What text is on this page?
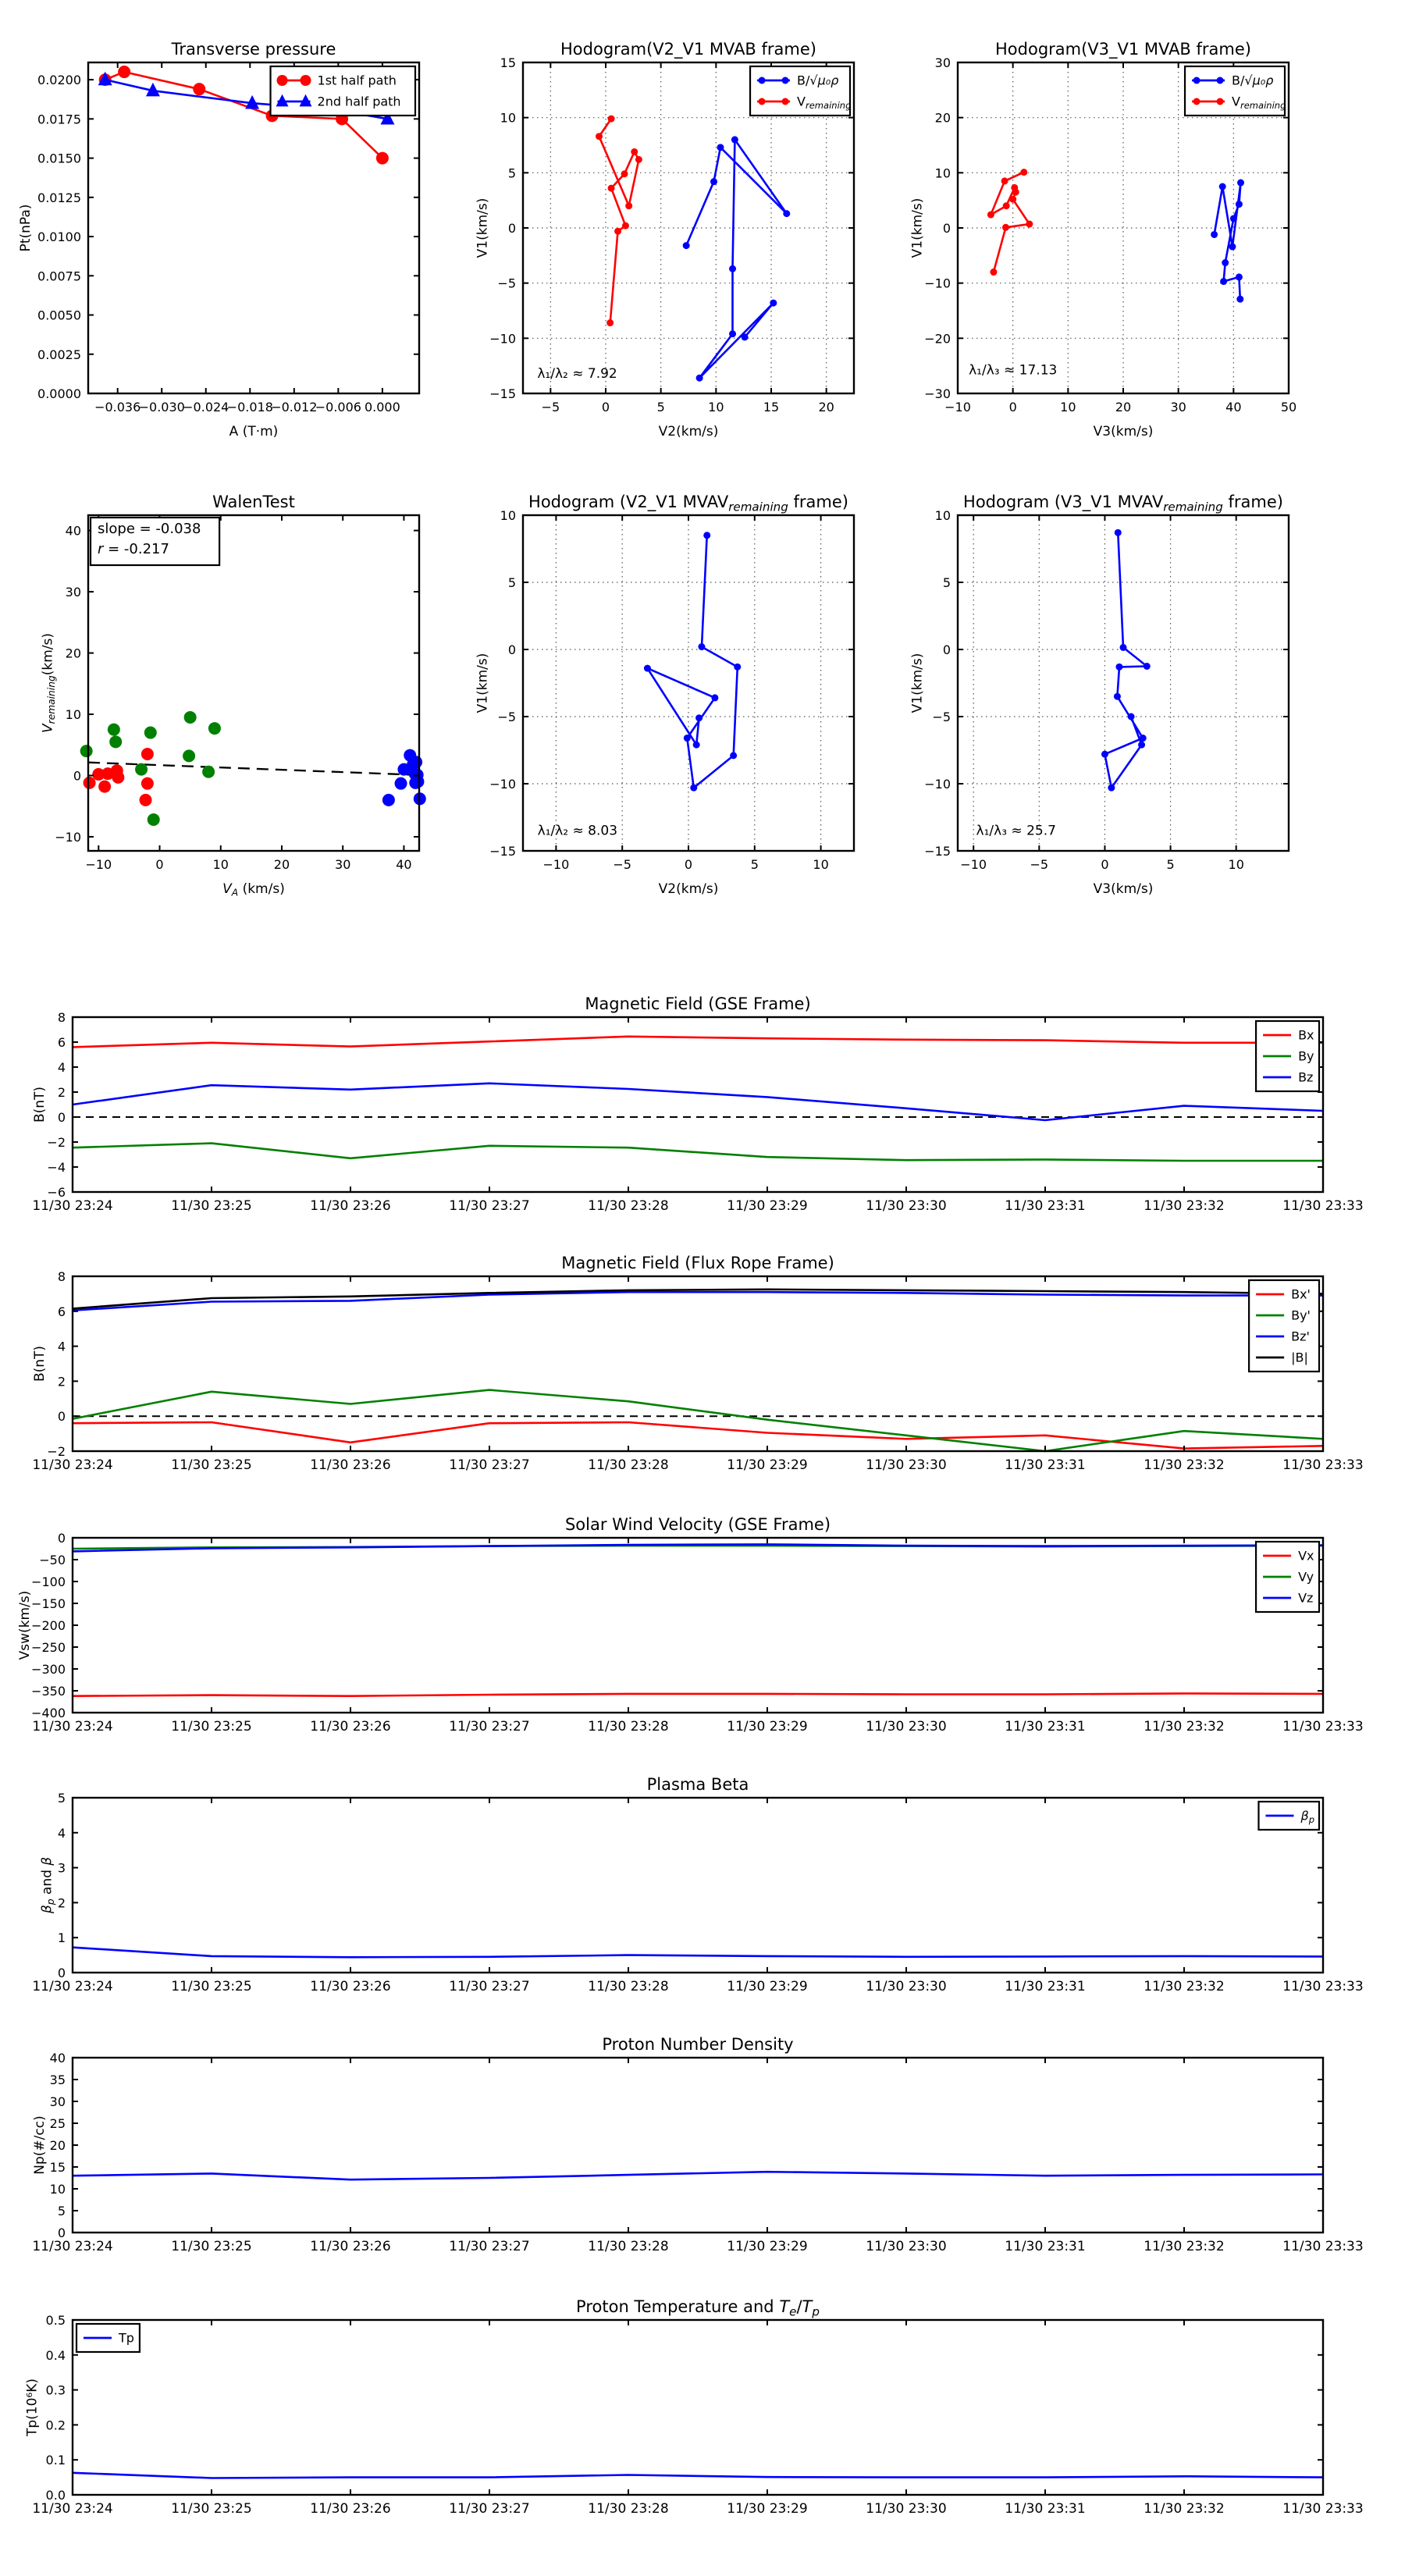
−0.036
−0.030
−0.024
−0.018
−0.012
−0.006 0.000
0.0000
0.0025
0.0050
0.0075
0.0100
0.0125
0.0150
0.0175
0.0200
Transverse pressure
A (T·m)
Pt(nPa)
1st half path
2nd half path
−5	0	5	10	15	20
−15
−10
−5
0
5
10
15
Hodogram(V2_V1 MVAB frame)
V2(km/s)
V1(km/s)
λ₁/λ₂ ≈ 7.92
B/√μ₀ρ
$V_{remaining}$
−10	0	10	20	30	40	50
−30
−20
−10
0
10
20
30
Hodogram(V3_V1 MVAB frame)
V3(km/s)
V1(km/s)
λ₁/λ₃ ≈ 17.13
B/√μ₀ρ
$V_{remaining}$
−10	0	10	20	30	40
−10
0
10
20
30
40
WalenTest
$V_A$ (km/s)
$V_{remaining}(km/s)$
slope = -0.038
r = -0.217
−10	−5	0	5	10
−15
−10
−5
0
5
10
Hodogram (V2_V1 $MVAV_{remaining}$ frame)
V2(km/s)
V1(km/s)
λ₁/λ₂ ≈ 8.03
−10	−5	0	5	10
−15
−10
−5
0
5
10
Hodogram (V3_V1 $MVAV_{remaining}$ frame)
V3(km/s)
V1(km/s)
λ₁/λ₃ ≈ 25.7
11/30 23:24	11/30 23:25	11/30 23:26	11/30 23:27	11/30 23:28	11/30 23:29	11/30 23:30	11/30 23:31	11/30 23:32	11/30 23:33
−6
−4
−2
0
2
4
6
8
Magnetic Field (GSE Frame)
B(nT)
Bx
By
Bz
11/30 23:24	11/30 23:25	11/30 23:26	11/30 23:27	11/30 23:28	11/30 23:29	11/30 23:30	11/30 23:31	11/30 23:32	11/30 23:33
−2
0
2
4
6
8
Magnetic Field (Flux Rope Frame)
B(nT)
Bx'
By'
Bz'
|B|
11/30 23:24	11/30 23:25	11/30 23:26	11/30 23:27	11/30 23:28	11/30 23:29	11/30 23:30	11/30 23:31	11/30 23:32	11/30 23:33
−400
−350
−300
−250
−200
−150
−100
−50
0
Solar Wind Velocity (GSE Frame)
Vsw(km/s)
Vx
Vy
Vz
11/30 23:24	11/30 23:25	11/30 23:26	11/30 23:27	11/30 23:28	11/30 23:29	11/30 23:30	11/30 23:31	11/30 23:32	11/30 23:33
0
1
2
3
4
5
Plasma Beta
$\beta_p$ and β
$\beta_p$
11/30 23:24	11/30 23:25	11/30 23:26	11/30 23:27	11/30 23:28	11/30 23:29	11/30 23:30	11/30 23:31	11/30 23:32	11/30 23:33
0
5
10
15
20
25
30
35
40
Proton Number Density
Np(#/cc)
11/30 23:24	11/30 23:25	11/30 23:26	11/30 23:27	11/30 23:28	11/30 23:29	11/30 23:30	11/30 23:31	11/30 23:32	11/30 23:33
0.0
0.1
0.2
0.3
0.4
0.5
Proton Temperature and $T_e/T_p$
Tp(10⁶K)
Tp
